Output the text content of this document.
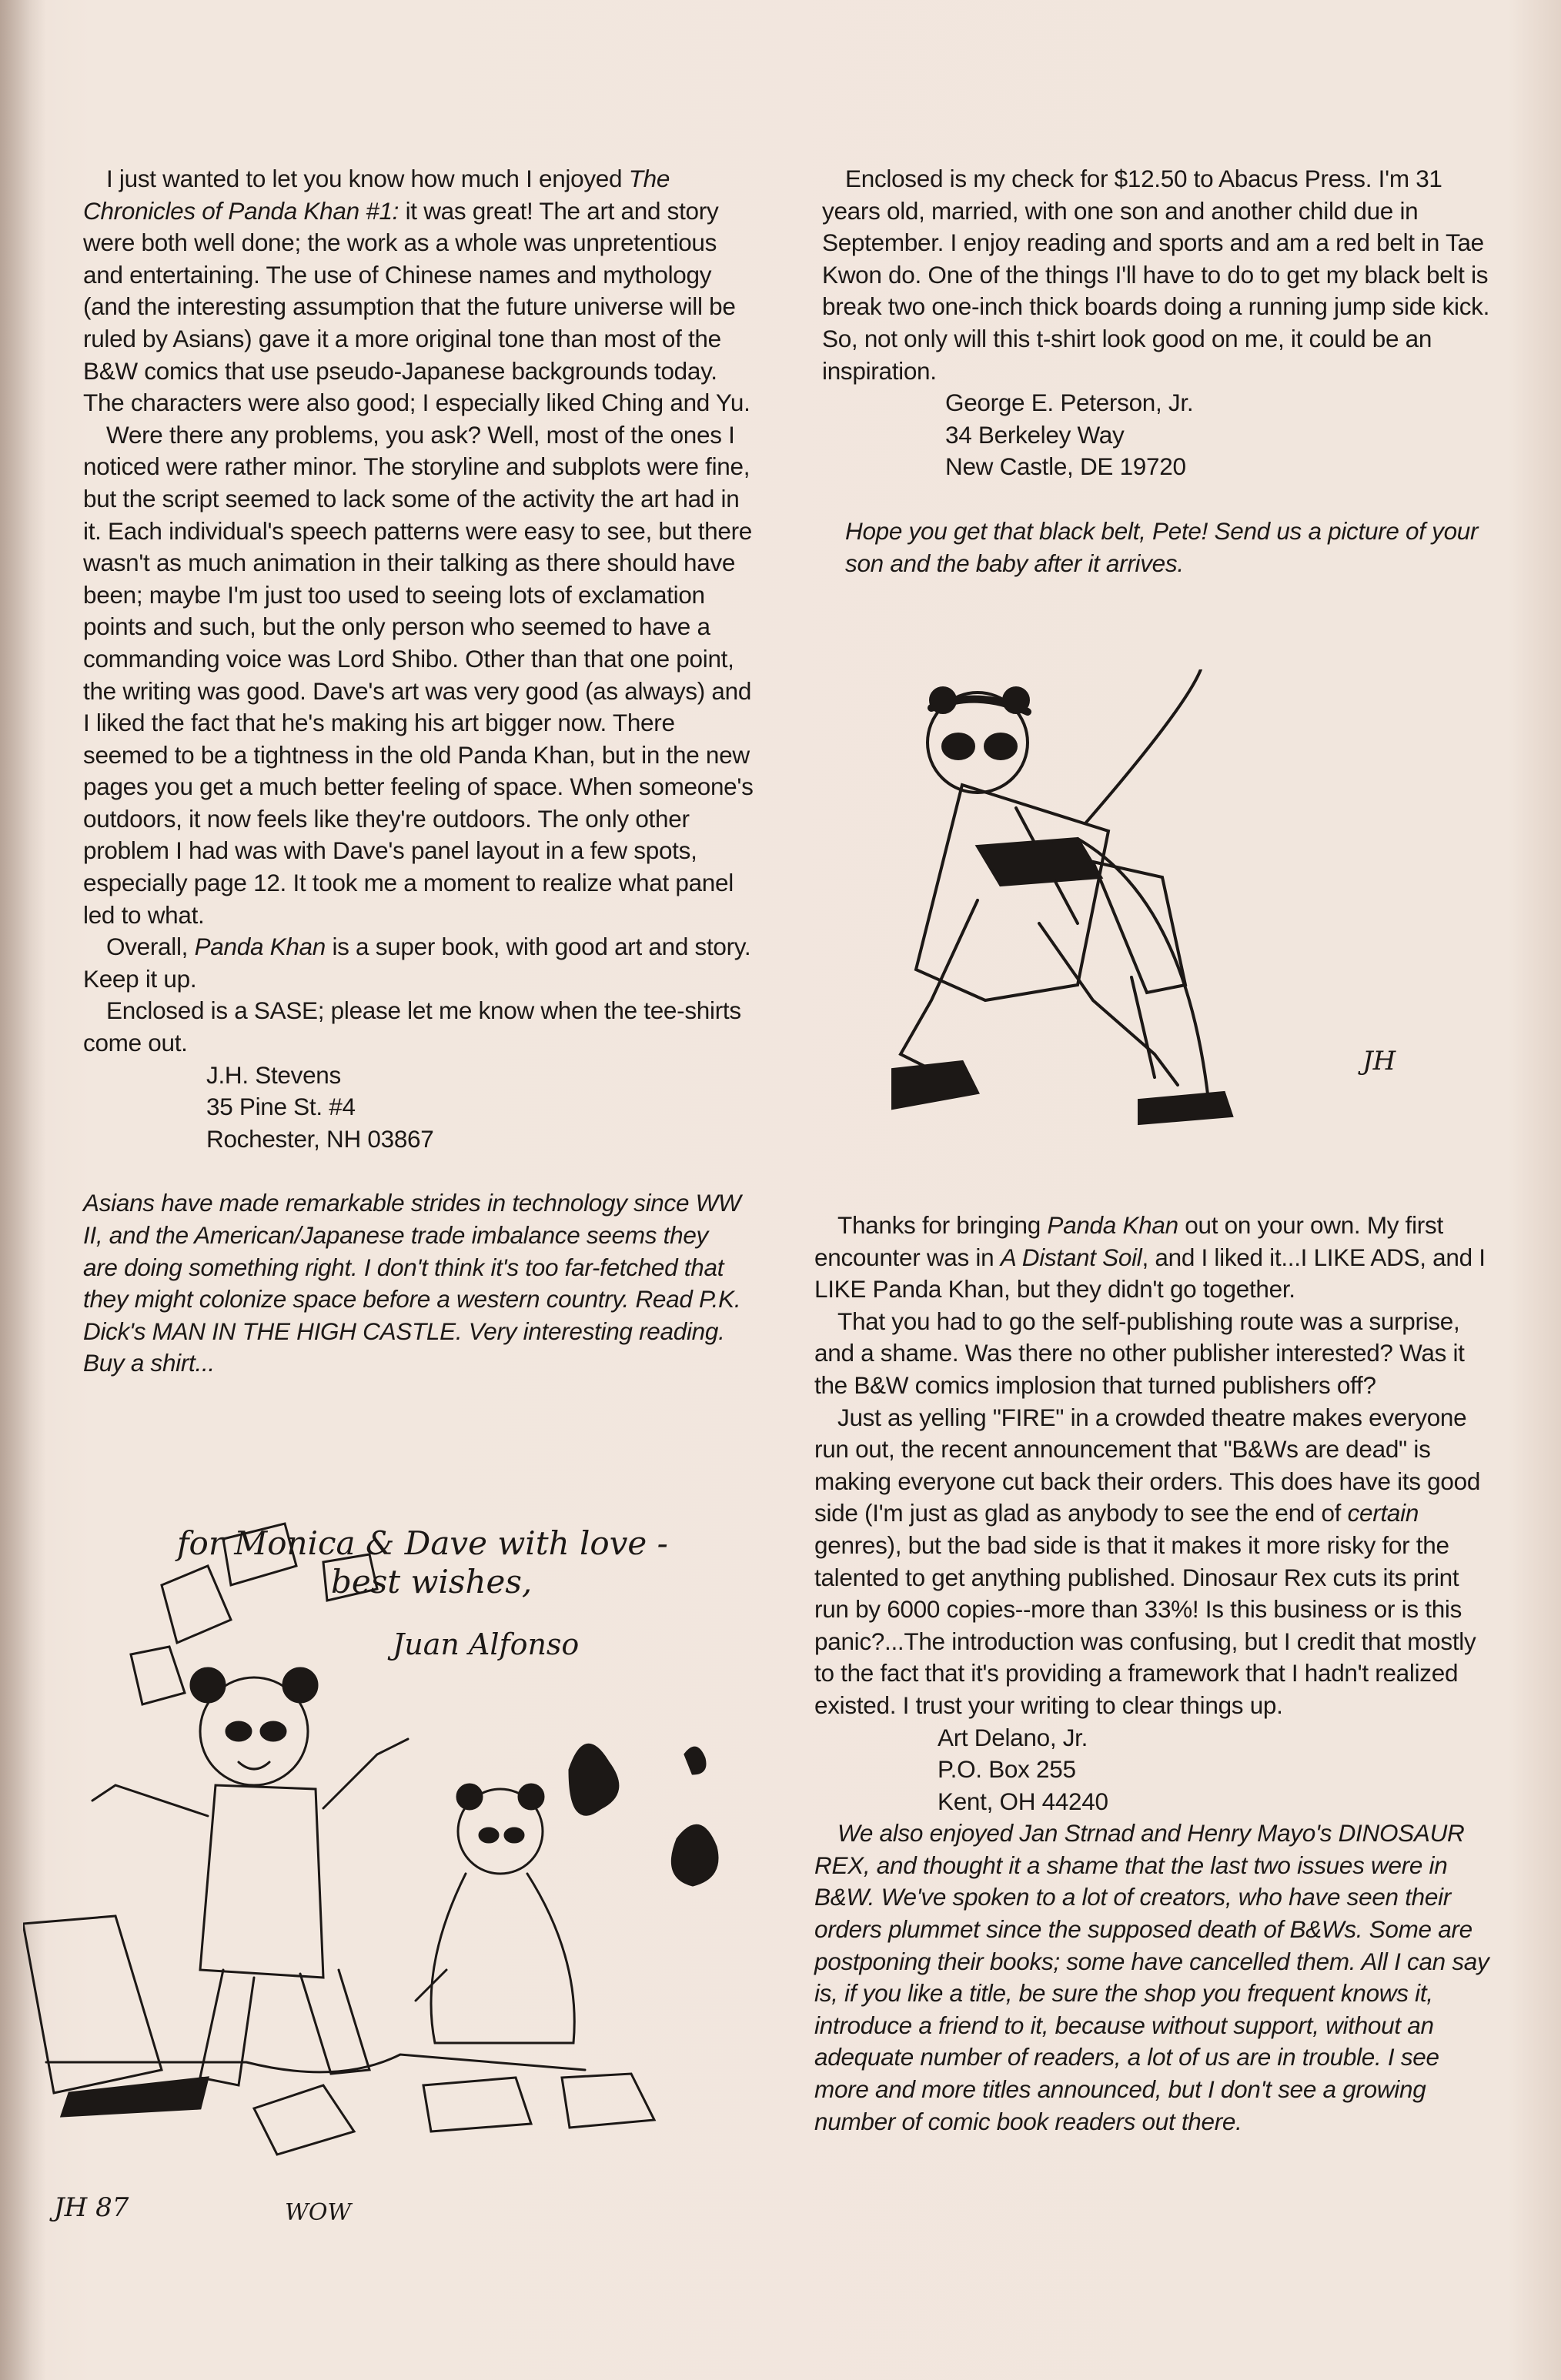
I just wanted to let you know how much I enjoyed The Chronicles of Panda Khan #1: it was great! The art and story were both well done; the work as a whole was unpretentious and entertaining. The use of Chinese names and mythology (and the interesting assumption that the future universe will be ruled by Asians) gave it a more original tone than most of the B&W comics that use pseudo-Japanese backgrounds today. The characters were also good; I especially liked Ching and Yu.

Were there any problems, you ask? Well, most of the ones I noticed were rather minor. The storyline and subplots were fine, but the script seemed to lack some of the activity the art had in it. Each individual's speech patterns were easy to see, but there wasn't as much animation in their talking as there should have been; maybe I'm just too used to seeing lots of exclamation points and such, but the only person who seemed to have a commanding voice was Lord Shibo. Other than that one point, the writing was good. Dave's art was very good (as always) and I liked the fact that he's making his art bigger now. There seemed to be a tightness in the old Panda Khan, but in the new pages you get a much better feeling of space. When someone's outdoors, it now feels like they're outdoors. The only other problem I had was with Dave's panel layout in a few spots, especially page 12. It took me a moment to realize what panel led to what.

Overall, Panda Khan is a super book, with good art and story. Keep it up.

Enclosed is a SASE; please let me know when the tee-shirts come out.

J.H. Stevens

35 Pine St. #4

Rochester, NH 03867

Asians have made remarkable strides in technology since WW II, and the American/Japanese trade imbalance seems they are doing something right. I don't think it's too far-fetched that they might colonize space before a western country. Read P.K. Dick's MAN IN THE HIGH CASTLE. Very interesting reading. Buy a shirt...

for Monica & Dave with love -
best wishes,
Juan Alfonso
JH 87	WOW

Enclosed is my check for $12.50 to Abacus Press. I'm 31 years old, married, with one son and another child due in September. I enjoy reading and sports and am a red belt in Tae Kwon do. One of the things I'll have to do to get my black belt is break two one-inch thick boards doing a running jump side kick. So, not only will this t-shirt look good on me, it could be an inspiration.

George E. Peterson, Jr.

34 Berkeley Way

New Castle, DE 19720

Hope you get that black belt, Pete! Send us a picture of your son and the baby after it arrives.

JH

Thanks for bringing Panda Khan out on your own. My first encounter was in A Distant Soil, and I liked it...I LIKE ADS, and I LIKE Panda Khan, but they didn't go together.

That you had to go the self-publishing route was a surprise, and a shame. Was there no other publisher interested? Was it the B&W comics implosion that turned publishers off?

Just as yelling "FIRE" in a crowded theatre makes everyone run out, the recent announcement that "B&Ws are dead" is making everyone cut back their orders. This does have its good side (I'm just as glad as anybody to see the end of certain genres), but the bad side is that it makes it more risky for the talented to get anything published. Dinosaur Rex cuts its print run by 6000 copies--more than 33%! Is this business or is this panic?...The introduction was confusing, but I credit that mostly to the fact that it's providing a framework that I hadn't realized existed. I trust your writing to clear things up.

Art Delano, Jr.

P.O. Box 255

Kent, OH 44240

We also enjoyed Jan Strnad and Henry Mayo's DINOSAUR REX, and thought it a shame that the last two issues were in B&W. We've spoken to a lot of creators, who have seen their orders plummet since the supposed death of B&Ws. Some are postponing their books; some have cancelled them. All I can say is, if you like a title, be sure the shop you frequent knows it, introduce a friend to it, because without support, without an adequate number of readers, a lot of us are in trouble. I see more and more titles announced, but I don't see a growing number of comic book readers out there.
